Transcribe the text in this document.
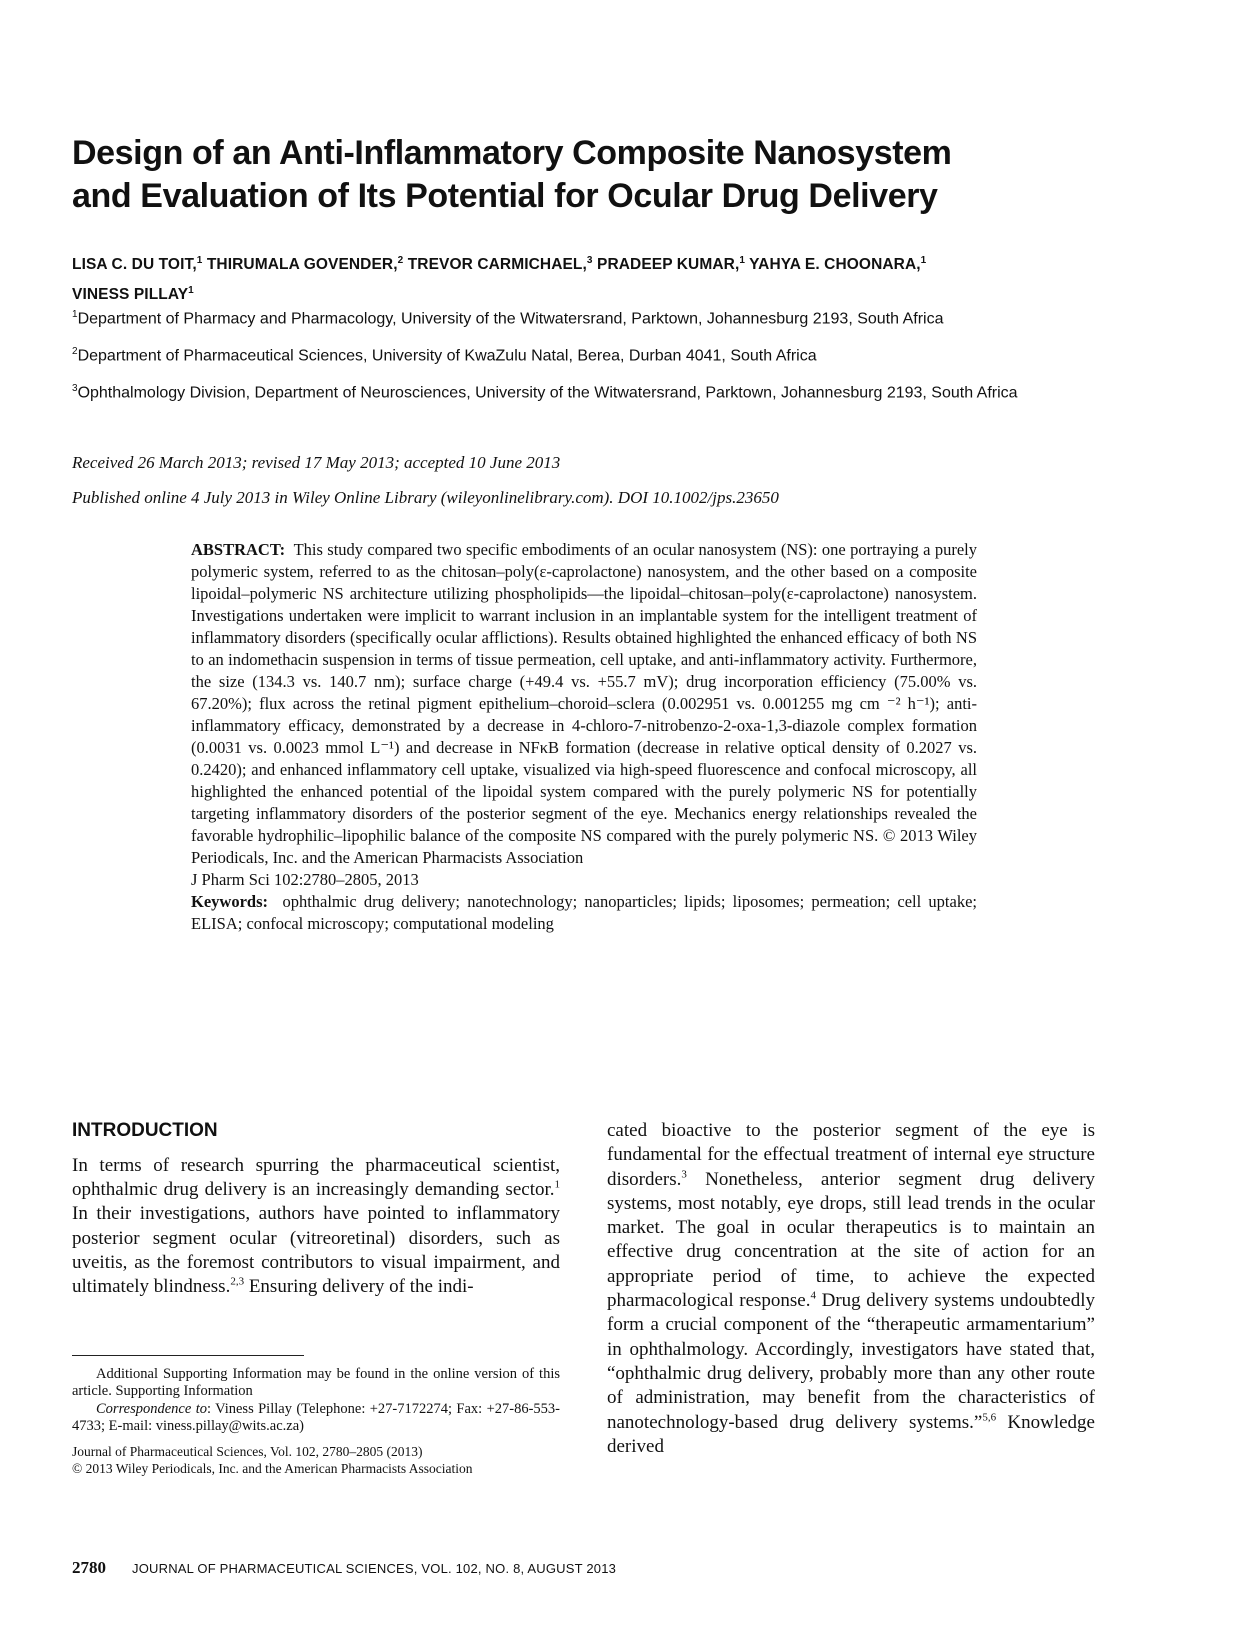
Design of an Anti-Inflammatory Composite Nanosystem
and Evaluation of Its Potential for Ocular Drug Delivery
LISA C. DU TOIT,$^1$ THIRUMALA GOVENDER,$^2$ TREVOR CARMICHAEL,$^3$ PRADEEP KUMAR,$^1$ YAHYA E. CHOONARA,$^1$
VINESS PILLAY$^1$
$^1$Department of Pharmacy and Pharmacology, University of the Witwatersrand, Parktown, Johannesburg 2193, South Africa
$^2$Department of Pharmaceutical Sciences, University of KwaZulu Natal, Berea, Durban 4041, South Africa
$^3$Ophthalmology Division, Department of Neurosciences, University of the Witwatersrand, Parktown, Johannesburg 2193, South Africa
Received 26 March 2013; revised 17 May 2013; accepted 10 June 2013
Published online 4 July 2013 in Wiley Online Library (wileyonlinelibrary.com). DOI 10.1002/jps.23650

ABSTRACT: This study compared two specific embodiments of an ocular nanosystem (NS): one portraying a purely polymeric system, referred to as the chitosan–poly(ε-caprolactone) nanosystem, and the other based on a composite lipoidal–polymeric NS architecture utilizing phospholipids—the lipoidal–chitosan–poly(ε-caprolactone) nanosystem. Investigations undertaken were implicit to warrant inclusion in an implantable system for the intelligent treatment of inflammatory disorders (specifically ocular afflictions). Results obtained highlighted the enhanced efficacy of both NS to an indomethacin suspension in terms of tissue permeation, cell uptake, and anti-inflammatory activity. Furthermore, the size (134.3 vs. 140.7 nm); surface charge (+49.4 vs. +55.7 mV); drug incorporation efficiency (75.00% vs. 67.20%); flux across the retinal pigment epithelium–choroid–sclera (0.002951 vs. 0.001255 mg cm ⁻² h⁻¹); anti-inflammatory efficacy, demonstrated by a decrease in 4-chloro-7-nitrobenzo-2-oxa-1,3-diazole complex formation (0.0031 vs. 0.0023 mmol L⁻¹) and decrease in NFκB formation (decrease in relative optical density of 0.2027 vs. 0.2420); and enhanced inflammatory cell uptake, visualized via high-speed fluorescence and confocal microscopy, all highlighted the enhanced potential of the lipoidal system compared with the purely polymeric NS for potentially targeting inflammatory disorders of the posterior segment of the eye. Mechanics energy relationships revealed the favorable hydrophilic–lipophilic balance of the composite NS compared with the purely polymeric NS. © 2013 Wiley Periodicals, Inc. and the American Pharmacists Association

J Pharm Sci 102:2780–2805, 2013

Keywords: ophthalmic drug delivery; nanotechnology; nanoparticles; lipids; liposomes; permeation; cell uptake; ELISA; confocal microscopy; computational modeling

INTRODUCTION
In terms of research spurring the pharmaceutical scientist, ophthalmic drug delivery is an increasingly demanding sector.$^1$ In their investigations, authors have pointed to inflammatory posterior segment ocular (vitreoretinal) disorders, such as uveitis, as the foremost contributors to visual impairment, and ultimately blindness.$^{2,3}$ Ensuring delivery of the indi-
cated bioactive to the posterior segment of the eye is fundamental for the effectual treatment of internal eye structure disorders.$^3$ Nonetheless, anterior segment drug delivery systems, most notably, eye drops, still lead trends in the ocular market. The goal in ocular therapeutics is to maintain an effective drug concentration at the site of action for an appropriate period of time, to achieve the expected pharmacological response.$^4$ Drug delivery systems undoubtedly form a crucial component of the “therapeutic armamentarium” in ophthalmology. Accordingly, investigators have stated that, “ophthalmic drug delivery, probably more than any other route of administration, may benefit from the characteristics of nanotechnology-based drug delivery systems.”$^{5,6}$ Knowledge derived
Additional Supporting Information may be found in the online version of this article. Supporting Information
Correspondence to: Viness Pillay (Telephone: +27-7172274; Fax: +27-86-553-4733; E-mail: viness.pillay@wits.ac.za)
Journal of Pharmaceutical Sciences, Vol. 102, 2780–2805 (2013)
© 2013 Wiley Periodicals, Inc. and the American Pharmacists Association
2780 JOURNAL OF PHARMACEUTICAL SCIENCES, VOL. 102, NO. 8, AUGUST 2013
